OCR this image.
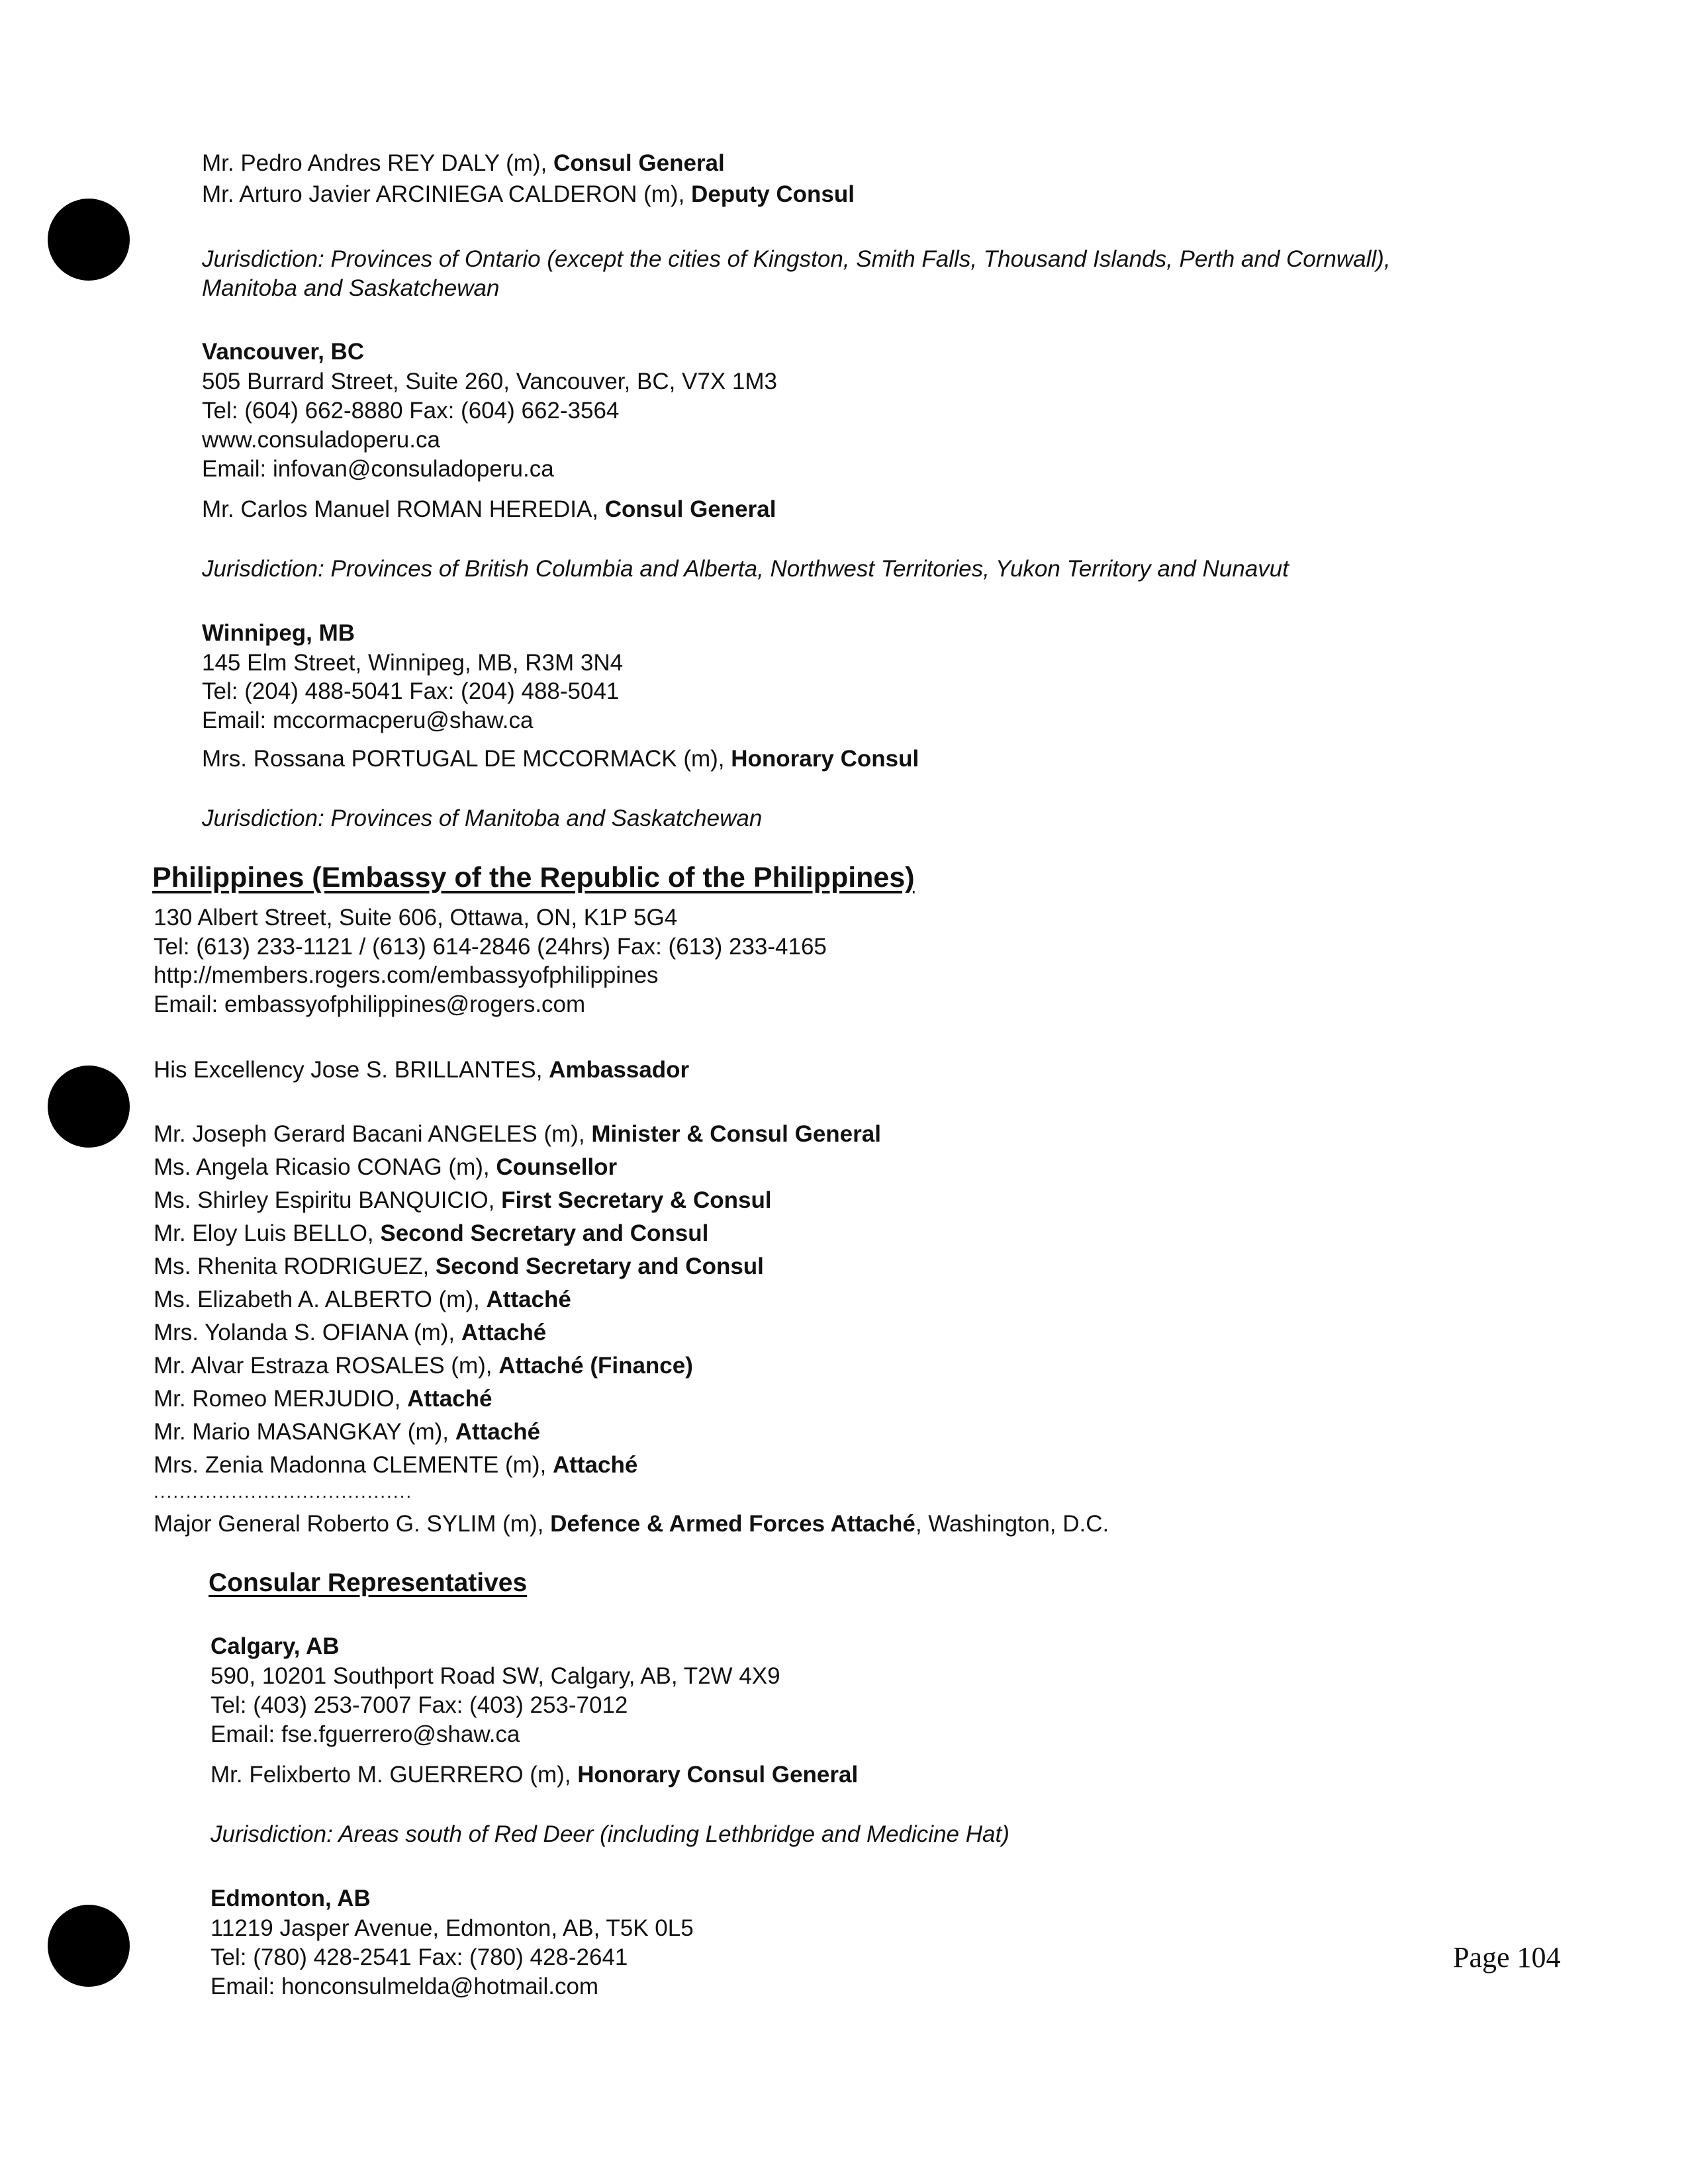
Mr. Pedro Andres REY DALY (m), Consul General
Mr. Arturo Javier ARCINIEGA CALDERON (m), Deputy Consul
Jurisdiction: Provinces of Ontario (except the cities of Kingston, Smith Falls, Thousand Islands, Perth and Cornwall),
Manitoba and Saskatchewan
Vancouver, BC
505 Burrard Street, Suite 260, Vancouver, BC, V7X 1M3
Tel: (604) 662-8880 Fax: (604) 662-3564
www.consuladoperu.ca
Email: infovan@consuladoperu.ca
Mr. Carlos Manuel ROMAN HEREDIA, Consul General
Jurisdiction: Provinces of British Columbia and Alberta, Northwest Territories, Yukon Territory and Nunavut
Winnipeg, MB
145 Elm Street, Winnipeg, MB, R3M 3N4
Tel: (204) 488-5041 Fax: (204) 488-5041
Email: mccormacperu@shaw.ca
Mrs. Rossana PORTUGAL DE MCCORMACK (m), Honorary Consul
Jurisdiction: Provinces of Manitoba and Saskatchewan
Philippines (Embassy of the Republic of the Philippines)
130 Albert Street, Suite 606, Ottawa, ON, K1P 5G4
Tel: (613) 233-1121 / (613) 614-2846 (24hrs) Fax: (613) 233-4165
http://members.rogers.com/embassyofphilippines
Email: embassyofphilippines@rogers.com
His Excellency Jose S. BRILLANTES, Ambassador
Mr. Joseph Gerard Bacani ANGELES (m), Minister & Consul General
Ms. Angela Ricasio CONAG (m), Counsellor
Ms. Shirley Espiritu BANQUICIO, First Secretary & Consul
Mr. Eloy Luis BELLO, Second Secretary and Consul
Ms. Rhenita RODRIGUEZ, Second Secretary and Consul
Ms. Elizabeth A. ALBERTO (m), Attaché
Mrs. Yolanda S. OFIANA (m), Attaché
Mr. Alvar Estraza ROSALES (m), Attaché (Finance)
Mr. Romeo MERJUDIO, Attaché
Mr. Mario MASANGKAY (m), Attaché
Mrs. Zenia Madonna CLEMENTE (m), Attaché
........................................
Major General Roberto G. SYLIM (m), Defence & Armed Forces Attaché, Washington, D.C.
Consular Representatives
Calgary, AB
590, 10201 Southport Road SW, Calgary, AB, T2W 4X9
Tel: (403) 253-7007 Fax: (403) 253-7012
Email: fse.fguerrero@shaw.ca
Mr. Felixberto M. GUERRERO (m), Honorary Consul General
Jurisdiction: Areas south of Red Deer (including Lethbridge and Medicine Hat)
Edmonton, AB
11219 Jasper Avenue, Edmonton, AB, T5K 0L5
Tel: (780) 428-2541 Fax: (780) 428-2641
Email: honconsulmelda@hotmail.com
Page 104
